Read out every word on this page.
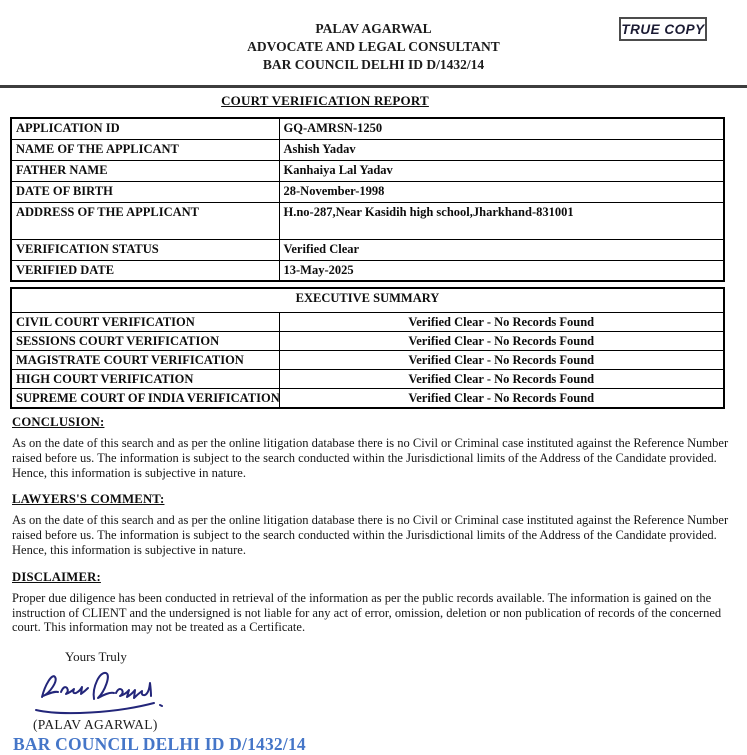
PALAV AGARWAL
ADVOCATE AND LEGAL CONSULTANT
BAR COUNCIL DELHI ID D/1432/14
TRUE COPY
COURT VERIFICATION REPORT
APPLICATION ID	GQ-AMRSN-1250
NAME OF THE APPLICANT	Ashish Yadav
FATHER NAME	Kanhaiya Lal Yadav
DATE OF BIRTH	28-November-1998
ADDRESS OF THE APPLICANT	H.no-287,Near Kasidih high school,Jharkhand-831001
VERIFICATION STATUS	Verified Clear
VERIFIED DATE	13-May-2025
EXECUTIVE SUMMARY	
CIVIL COURT VERIFICATION	Verified Clear - No Records Found
SESSIONS COURT VERIFICATION	Verified Clear - No Records Found
MAGISTRATE COURT VERIFICATION	Verified Clear - No Records Found
HIGH COURT VERIFICATION	Verified Clear - No Records Found
SUPREME COURT OF INDIA VERIFICATION	Verified Clear - No Records Found
CONCLUSION:

As on the date of this search and as per the online litigation database there is no Civil or Criminal case instituted against the Reference Number raised before us. The information is subject to the search conducted within the Jurisdictional limits of the Address of the Candidate provided. Hence, this information is subjective in nature.

LAWYERS'S COMMENT:

As on the date of this search and as per the online litigation database there is no Civil or Criminal case instituted against the Reference Number raised before us. The information is subject to the search conducted within the Jurisdictional limits of the Address of the Candidate provided. Hence, this information is subjective in nature.

DISCLAIMER:

Proper due diligence has been conducted in retrieval of the information as per the public records available. The information is gained on the instruction of CLIENT and the undersigned is not liable for any act of error, omission, deletion or non publication of records of the concerned court. This information may not be treated as a Certificate.

Yours Truly
(PALAV AGARWAL)
BAR COUNCIL DELHI ID D/1432/14
